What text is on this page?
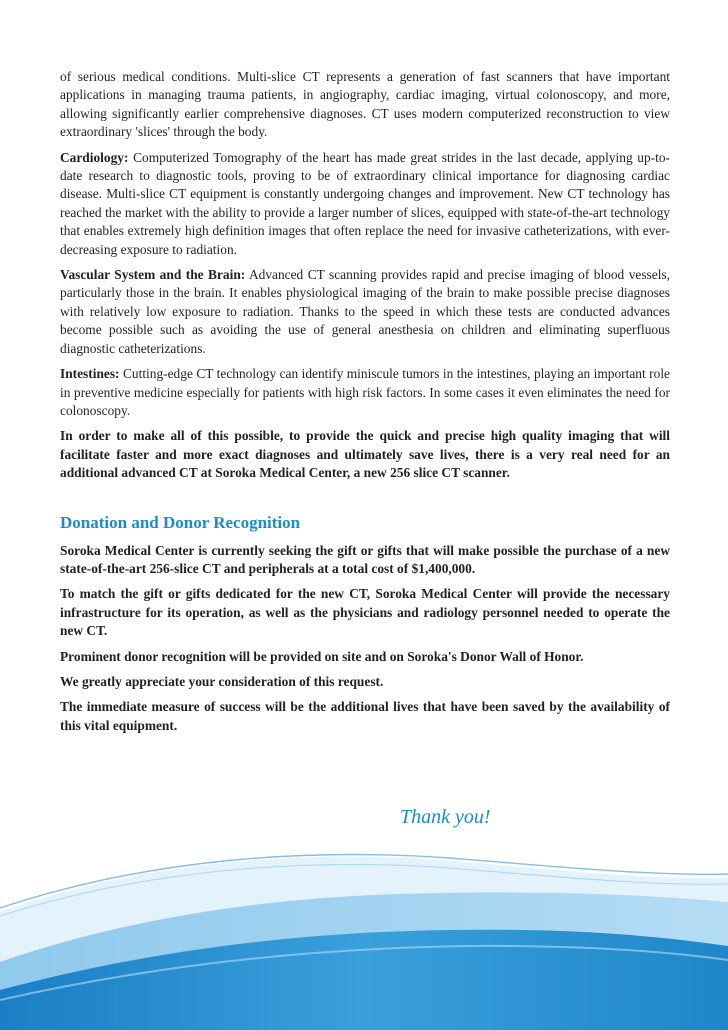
of serious medical conditions. Multi-slice CT represents a generation of fast scanners that have important applications in managing trauma patients, in angiography, cardiac imaging, virtual colonoscopy, and more, allowing significantly earlier comprehensive diagnoses. CT uses modern computerized reconstruction to view extraordinary 'slices' through the body.

Cardiology: Computerized Tomography of the heart has made great strides in the last decade, applying up-to-date research to diagnostic tools, proving to be of extraordinary clinical importance for diagnosing cardiac disease. Multi-slice CT equipment is constantly undergoing changes and improvement. New CT technology has reached the market with the ability to provide a larger number of slices, equipped with state-of-the-art technology that enables extremely high definition images that often replace the need for invasive catheterizations, with ever-decreasing exposure to radiation.

Vascular System and the Brain: Advanced CT scanning provides rapid and precise imaging of blood vessels, particularly those in the brain. It enables physiological imaging of the brain to make possible precise diagnoses with relatively low exposure to radiation. Thanks to the speed in which these tests are conducted advances become possible such as avoiding the use of general anesthesia on children and eliminating superfluous diagnostic catheterizations.

Intestines: Cutting-edge CT technology can identify miniscule tumors in the intestines, playing an important role in preventive medicine especially for patients with high risk factors. In some cases it even eliminates the need for colonoscopy.

In order to make all of this possible, to provide the quick and precise high quality imaging that will facilitate faster and more exact diagnoses and ultimately save lives, there is a very real need for an additional advanced CT at Soroka Medical Center, a new 256 slice CT scanner.

Donation and Donor Recognition

Soroka Medical Center is currently seeking the gift or gifts that will make possible the purchase of a new state-of-the-art 256-slice CT and peripherals at a total cost of $1,400,000.

To match the gift or gifts dedicated for the new CT, Soroka Medical Center will provide the necessary infrastructure for its operation, as well as the physicians and radiology personnel needed to operate the new CT.

Prominent donor recognition will be provided on site and on Soroka's Donor Wall of Honor.

We greatly appreciate your consideration of this request.

The immediate measure of success will be the additional lives that have been saved by the availability of this vital equipment.

Thank you!
